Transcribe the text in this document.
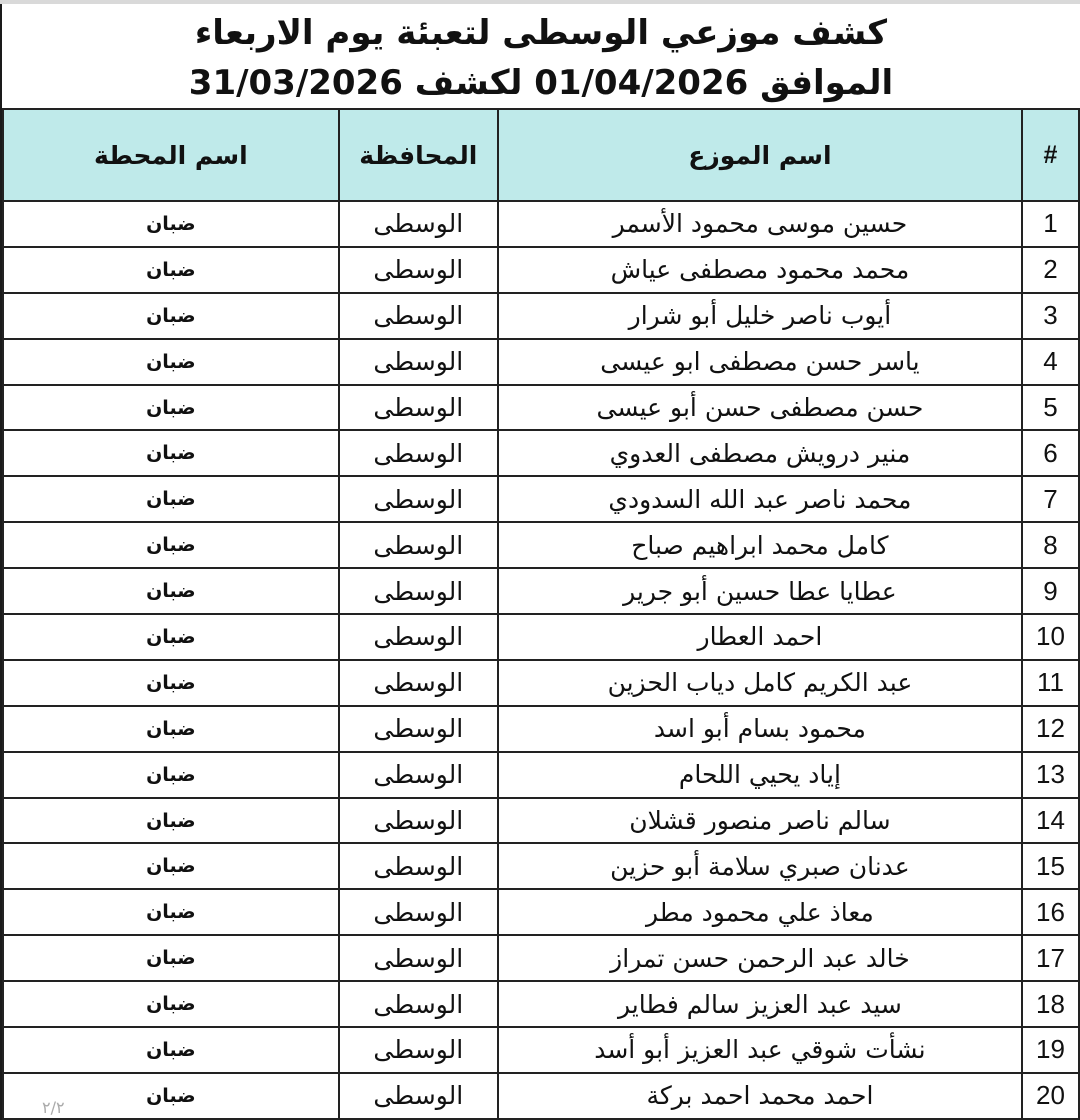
كشف موزعي الوسطى لتعبئة يوم الاربعاء
الموافق 01/04/2026 لكشف 31/03/2026
#	اسم الموزع	المحافظة	اسم المحطة
1	حسين موسى محمود الأسمر	الوسطى	ضبان
2	محمد محمود مصطفى عياش	الوسطى	ضبان
3	أيوب ناصر خليل أبو شرار	الوسطى	ضبان
4	ياسر حسن مصطفى ابو عيسى	الوسطى	ضبان
5	حسن مصطفى حسن أبو عيسى	الوسطى	ضبان
6	منير درويش مصطفى العدوي	الوسطى	ضبان
7	محمد ناصر عبد الله السدودي	الوسطى	ضبان
8	كامل محمد ابراهيم صباح	الوسطى	ضبان
9	عطايا عطا حسين أبو جرير	الوسطى	ضبان
10	احمد العطار	الوسطى	ضبان
11	عبد الكريم كامل دياب الحزين	الوسطى	ضبان
12	محمود بسام أبو اسد	الوسطى	ضبان
13	إياد يحيي اللحام	الوسطى	ضبان
14	سالم ناصر منصور قشلان	الوسطى	ضبان
15	عدنان صبري سلامة أبو حزين	الوسطى	ضبان
16	معاذ علي محمود مطر	الوسطى	ضبان
17	خالد عبد الرحمن حسن تمراز	الوسطى	ضبان
18	سيد عبد العزيز سالم فطاير	الوسطى	ضبان
19	نشأت شوقي عبد العزيز أبو أسد	الوسطى	ضبان
20	احمد محمد احمد بركة	الوسطى	ضبان
٢/٢
